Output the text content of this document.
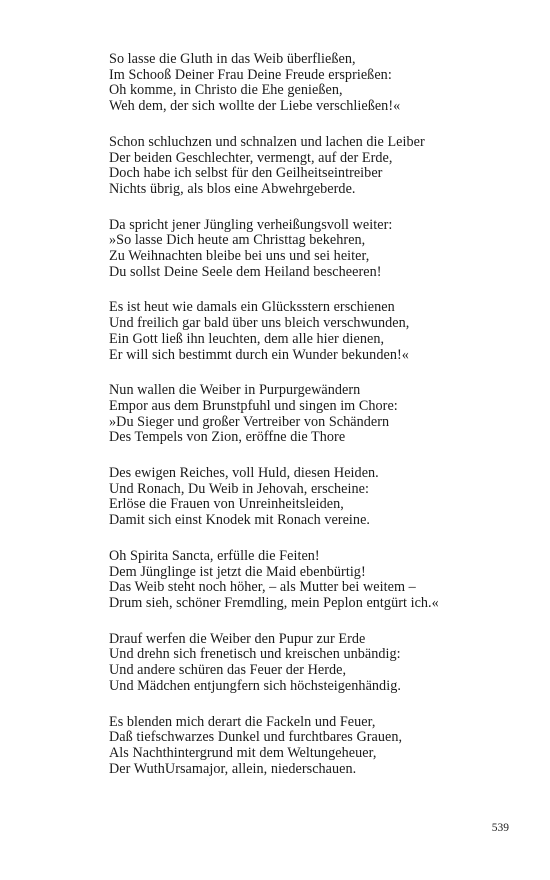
So lasse die Gluth in das Weib überfließen,
Im Schooß Deiner Frau Deine Freude ersprießen:
Oh komme, in Christo die Ehe genießen,
Weh dem, der sich wollte der Liebe verschließen!«
Schon schluchzen und schnalzen und lachen die Leiber
Der beiden Geschlechter, vermengt, auf der Erde,
Doch habe ich selbst für den Geilheitseintreiber
Nichts übrig, als blos eine Abwehrgeberde.
Da spricht jener Jüngling verheißungsvoll weiter:
»So lasse Dich heute am Christtag bekehren,
Zu Weihnachten bleibe bei uns und sei heiter,
Du sollst Deine Seele dem Heiland bescheeren!
Es ist heut wie damals ein Glücksstern erschienen
Und freilich gar bald über uns bleich verschwunden,
Ein Gott ließ ihn leuchten, dem alle hier dienen,
Er will sich bestimmt durch ein Wunder bekunden!«
Nun wallen die Weiber in Purpurgewändern
Empor aus dem Brunstpfuhl und singen im Chore:
»Du Sieger und großer Vertreiber von Schändern
Des Tempels von Zion, eröffne die Thore
Des ewigen Reiches, voll Huld, diesen Heiden.
Und Ronach, Du Weib in Jehovah, erscheine:
Erlöse die Frauen von Unreinheitsleiden,
Damit sich einst Knodek mit Ronach vereine.
Oh Spirita Sancta, erfülle die Feiten!
Dem Jünglinge ist jetzt die Maid ebenbürtig!
Das Weib steht noch höher, – als Mutter bei weitem –
Drum sieh, schöner Fremdling, mein Peplon entgürt ich.«
Drauf werfen die Weiber den Pupur zur Erde
Und drehn sich frenetisch und kreischen unbändig:
Und andere schüren das Feuer der Herde,
Und Mädchen entjungfern sich höchsteigenhändig.
Es blenden mich derart die Fackeln und Feuer,
Daß tiefschwarzes Dunkel und furchtbares Grauen,
Als Nachthintergrund mit dem Weltungeheuer,
Der WuthUrsamajor, allein, niederschauen.
539
